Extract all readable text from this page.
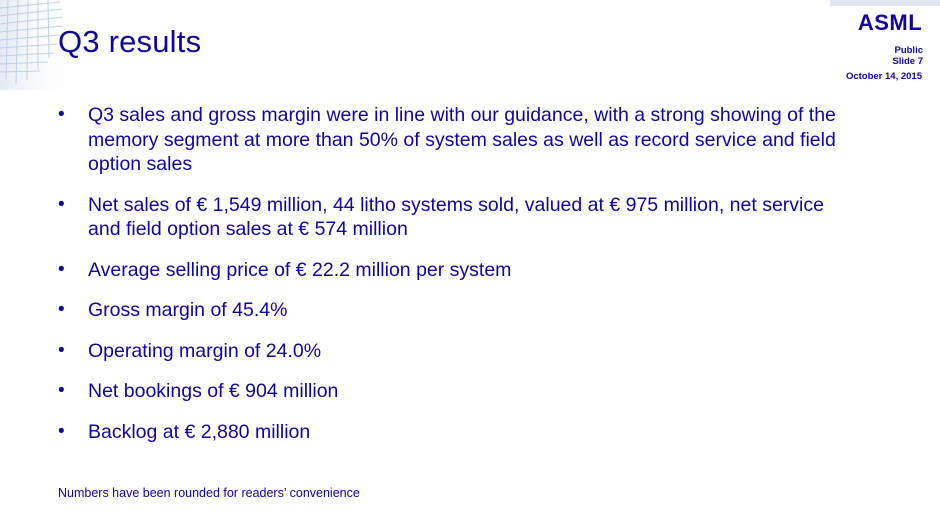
Q3 results
ASML
Public
Slide 7
October 14, 2015
• Q3 sales and gross margin were in line with our guidance, with a strong showing of the memory segment at more than 50% of system sales as well as record service and field option sales
• Net sales of € 1,549 million, 44 litho systems sold, valued at € 975 million, net service and field option sales at € 574 million
• Average selling price of € 22.2 million per system
• Gross margin of 45.4%
• Operating margin of 24.0%
• Net bookings of € 904 million
• Backlog at € 2,880 million
Numbers have been rounded for readers’ convenience
